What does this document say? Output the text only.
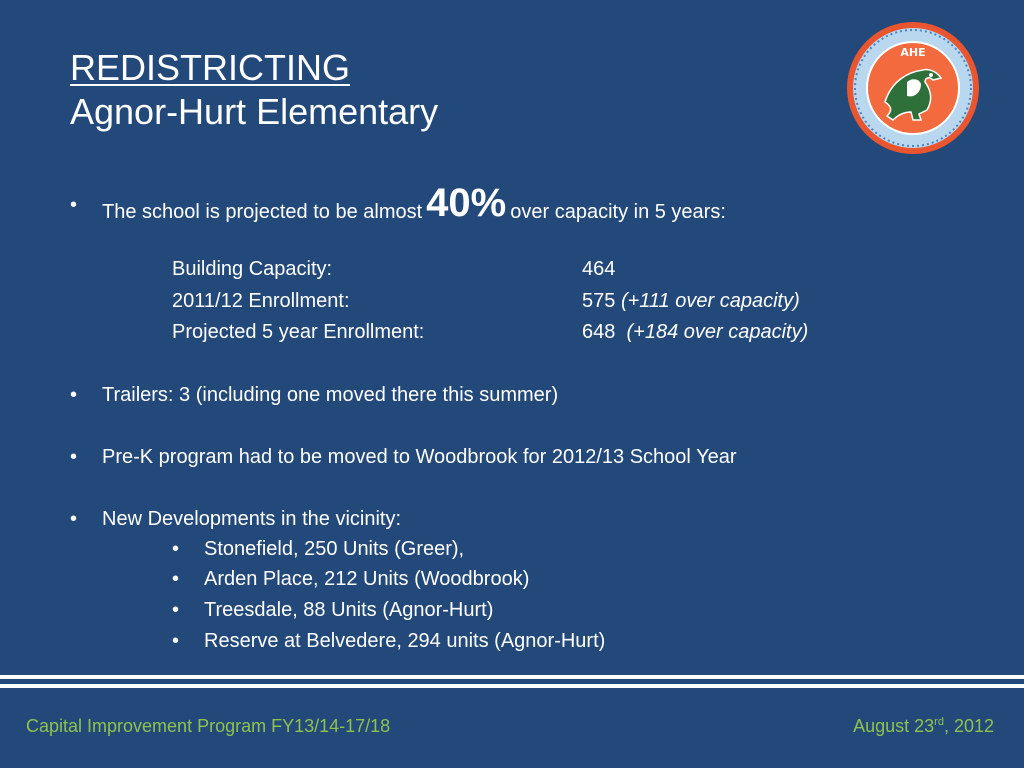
REDISTRICTING
Agnor-Hurt Elementary
AHE
• The school is projected to be almost 40% over capacity in 5 years:
Building Capacity:	464
2011/12 Enrollment:	575 (+111 over capacity)
Projected 5 year Enrollment:	648 (+184 over capacity)
• Trailers: 3 (including one moved there this summer)
• Pre-K program had to be moved to Woodbrook for 2012/13 School Year
• New Developments in the vicinity:
• Stonefield, 250 Units (Greer),
• Arden Place, 212 Units (Woodbrook)
• Treesdale, 88 Units (Agnor-Hurt)
• Reserve at Belvedere, 294 units (Agnor-Hurt)
Capital Improvement Program FY13/14-17/18	August 23rd, 2012
